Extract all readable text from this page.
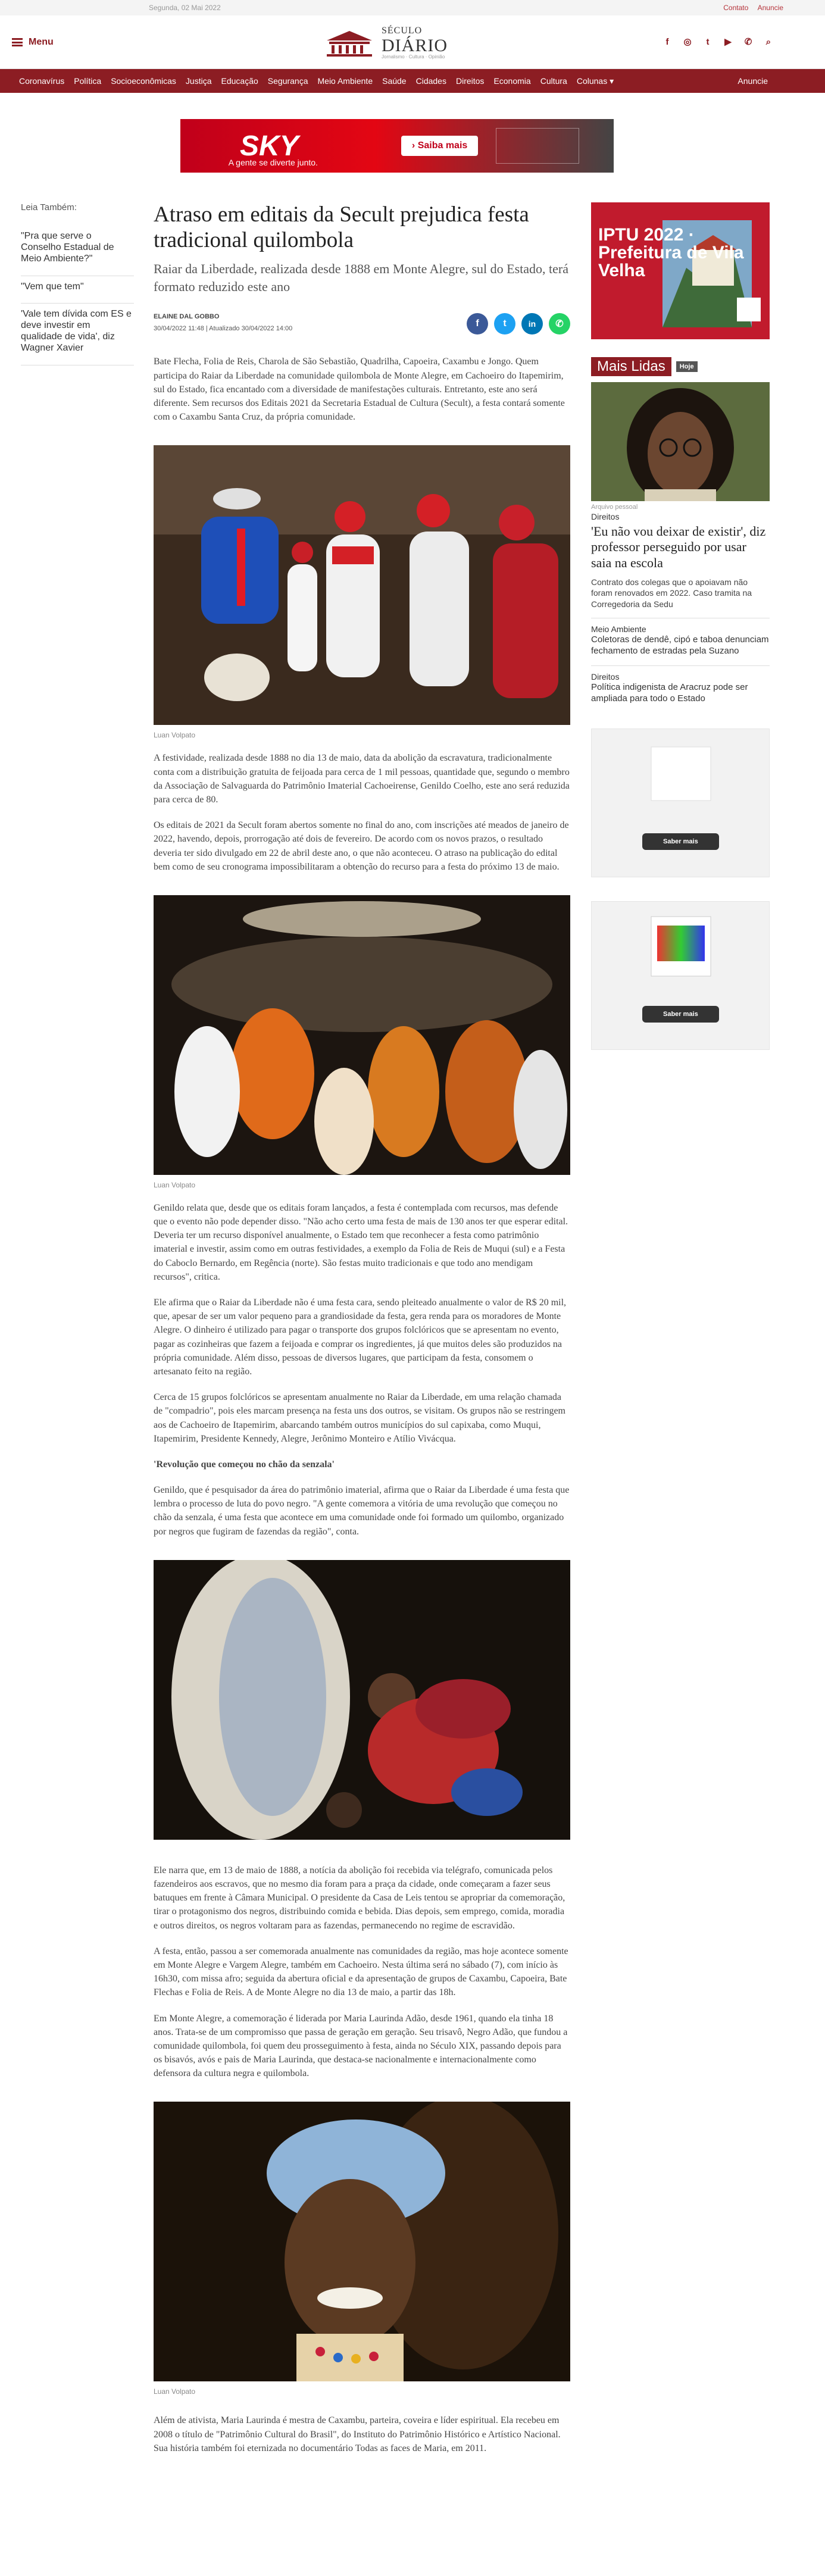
Segunda, 02 Mai 2022	Contato Anuncie
Menu
SÉCULO
DIÁRIO
Jornalismo · Cultura · Opinião
f	◎	t	▶ ✆	⌕
Coronavírus Política Socioeconômicas Justiça Educação Segurança Meio Ambiente Saúde Cidades Direitos Economia Cultura Colunas ▾	Anuncie
SKY
A gente se diverte junto.
› Saiba mais
Leia Também:
"Pra que serve o Conselho Estadual de Meio Ambiente?"
"Vem que tem"
'Vale tem dívida com ES e deve investir em qualidade de vida', diz Wagner Xavier
Atraso em editais da Secult prejudica festa tradicional quilombola
Raiar da Liberdade, realizada desde 1888 em Monte Alegre, sul do Estado, terá formato reduzido este ano
ELAINE DAL GOBBO
30/04/2022 11:48 | Atualizado 30/04/2022 14:00	f	t	in	✆
Bate Flecha, Folia de Reis, Charola de São Sebastião, Quadrilha, Capoeira, Caxambu e Jongo. Quem participa do Raiar da Liberdade na comunidade quilombola de Monte Alegre, em Cachoeiro do Itapemirim, sul do Estado, fica encantado com a diversidade de manifestações culturais. Entretanto, este ano será diferente. Sem recursos dos Editais 2021 da Secretaria Estadual de Cultura (Secult), a festa contará somente com o Caxambu Santa Cruz, da própria comunidade.
Luan Volpato
A festividade, realizada desde 1888 no dia 13 de maio, data da abolição da escravatura, tradicionalmente conta com a distribuição gratuita de feijoada para cerca de 1 mil pessoas, quantidade que, segundo o membro da Associação de Salvaguarda do Patrimônio Imaterial Cachoeirense, Genildo Coelho, este ano será reduzida para cerca de 80.
Os editais de 2021 da Secult foram abertos somente no final do ano, com inscrições até meados de janeiro de 2022, havendo, depois, prorrogação até dois de fevereiro. De acordo com os novos prazos, o resultado deveria ter sido divulgado em 22 de abril deste ano, o que não aconteceu. O atraso na publicação do edital bem como de seu cronograma impossibilitaram a obtenção do recurso para a festa do próximo 13 de maio.
Luan Volpato
Genildo relata que, desde que os editais foram lançados, a festa é contemplada com recursos, mas defende que o evento não pode depender disso. "Não acho certo uma festa de mais de 130 anos ter que esperar edital. Deveria ter um recurso disponível anualmente, o Estado tem que reconhecer a festa como patrimônio imaterial e investir, assim como em outras festividades, a exemplo da Folia de Reis de Muqui (sul) e a Festa do Caboclo Bernardo, em Regência (norte). São festas muito tradicionais e que todo ano mendigam recursos", critica.
Ele afirma que o Raiar da Liberdade não é uma festa cara, sendo pleiteado anualmente o valor de R$ 20 mil, que, apesar de ser um valor pequeno para a grandiosidade da festa, gera renda para os moradores de Monte Alegre. O dinheiro é utilizado para pagar o transporte dos grupos folclóricos que se apresentam no evento, pagar as cozinheiras que fazem a feijoada e comprar os ingredientes, já que muitos deles são produzidos na própria comunidade. Além disso, pessoas de diversos lugares, que participam da festa, consomem o artesanato feito na região.
Cerca de 15 grupos folclóricos se apresentam anualmente no Raiar da Liberdade, em uma relação chamada de "compadrio", pois eles marcam presença na festa uns dos outros, se visitam. Os grupos não se restringem aos de Cachoeiro de Itapemirim, abarcando também outros municípios do sul capixaba, como Muqui, Itapemirim, Presidente Kennedy, Alegre, Jerônimo Monteiro e Atílio Vivácqua.
'Revolução que começou no chão da senzala'
Genildo, que é pesquisador da área do patrimônio imaterial, afirma que o Raiar da Liberdade é uma festa que lembra o processo de luta do povo negro. "A gente comemora a vitória de uma revolução que começou no chão da senzala, é uma festa que acontece em uma comunidade onde foi formado um quilombo, organizado por negros que fugiram de fazendas da região", conta.
Ele narra que, em 13 de maio de 1888, a notícia da abolição foi recebida via telégrafo, comunicada pelos fazendeiros aos escravos, que no mesmo dia foram para a praça da cidade, onde começaram a fazer seus batuques em frente à Câmara Municipal. O presidente da Casa de Leis tentou se apropriar da comemoração, tirar o protagonismo dos negros, distribuindo comida e bebida. Dias depois, sem emprego, comida, moradia e outros direitos, os negros voltaram para as fazendas, permanecendo no regime de escravidão.
A festa, então, passou a ser comemorada anualmente nas comunidades da região, mas hoje acontece somente em Monte Alegre e Vargem Alegre, também em Cachoeiro. Nesta última será no sábado (7), com início às 16h30, com missa afro; seguida da abertura oficial e da apresentação de grupos de Caxambu, Capoeira, Bate Flechas e Folia de Reis. A de Monte Alegre no dia 13 de maio, a partir das 18h.
Em Monte Alegre, a comemoração é liderada por Maria Laurinda Adão, desde 1961, quando ela tinha 18 anos. Trata-se de um compromisso que passa de geração em geração. Seu trisavô, Negro Adão, que fundou a comunidade quilombola, foi quem deu prosseguimento à festa, ainda no Século XIX, passando depois para os bisavós, avós e pais de Maria Laurinda, que destaca-se nacionalmente e internacionalmente como defensora da cultura negra e quilombola.
Luan Volpato
Além de ativista, Maria Laurinda é mestra de Caxambu, parteira, coveira e líder espiritual. Ela recebeu em 2008 o título de "Patrimônio Cultural do Brasil", do Instituto do Patrimônio Histórico e Artístico Nacional. Sua história também foi eternizada no documentário Todas as faces de Maria, em 2011.
IPTU 2022 · Prefeitura de Vila Velha
Mais Lidas	Hoje
Arquivo pessoal
Direitos
'Eu não vou deixar de existir', diz professor perseguido por usar saia na escola
Contrato dos colegas que o apoiavam não foram renovados em 2022. Caso tramita na Corregedoria da Sedu
Meio Ambiente
Coletoras de dendê, cipó e taboa denunciam fechamento de estradas pela Suzano
Direitos
Política indigenista de Aracruz pode ser ampliada para todo o Estado
Saber mais
Saber mais
